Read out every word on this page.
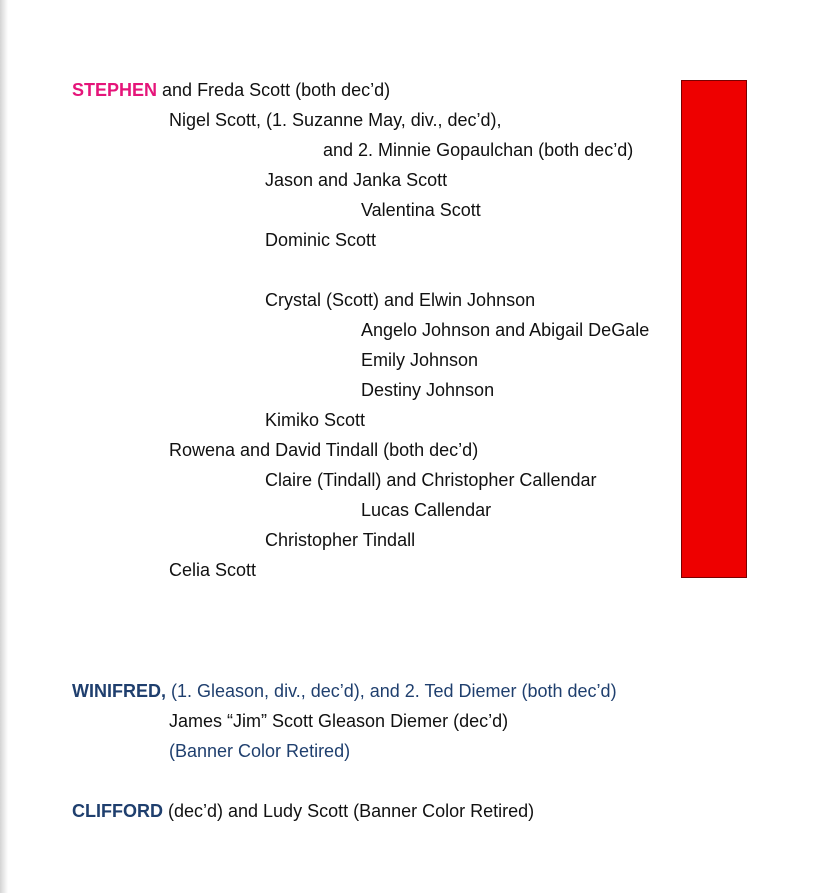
STEPHEN and Freda Scott (both dec’d)
Nigel Scott, (1. Suzanne May, div., dec’d),
and 2. Minnie Gopaulchan (both dec’d)
Jason and Janka Scott
Valentina Scott
Dominic Scott
Crystal (Scott) and Elwin Johnson
Angelo Johnson and Abigail DeGale
Emily Johnson
Destiny Johnson
Kimiko Scott
Rowena and David Tindall (both dec’d)
Claire (Tindall) and Christopher Callendar
Lucas Callendar
Christopher Tindall
Celia Scott
WINIFRED, (1. Gleason, div., dec’d), and 2. Ted Diemer (both dec’d)
James “Jim” Scott Gleason Diemer (dec’d)
(Banner Color Retired)
CLIFFORD (dec’d) and Ludy Scott (Banner Color Retired)
